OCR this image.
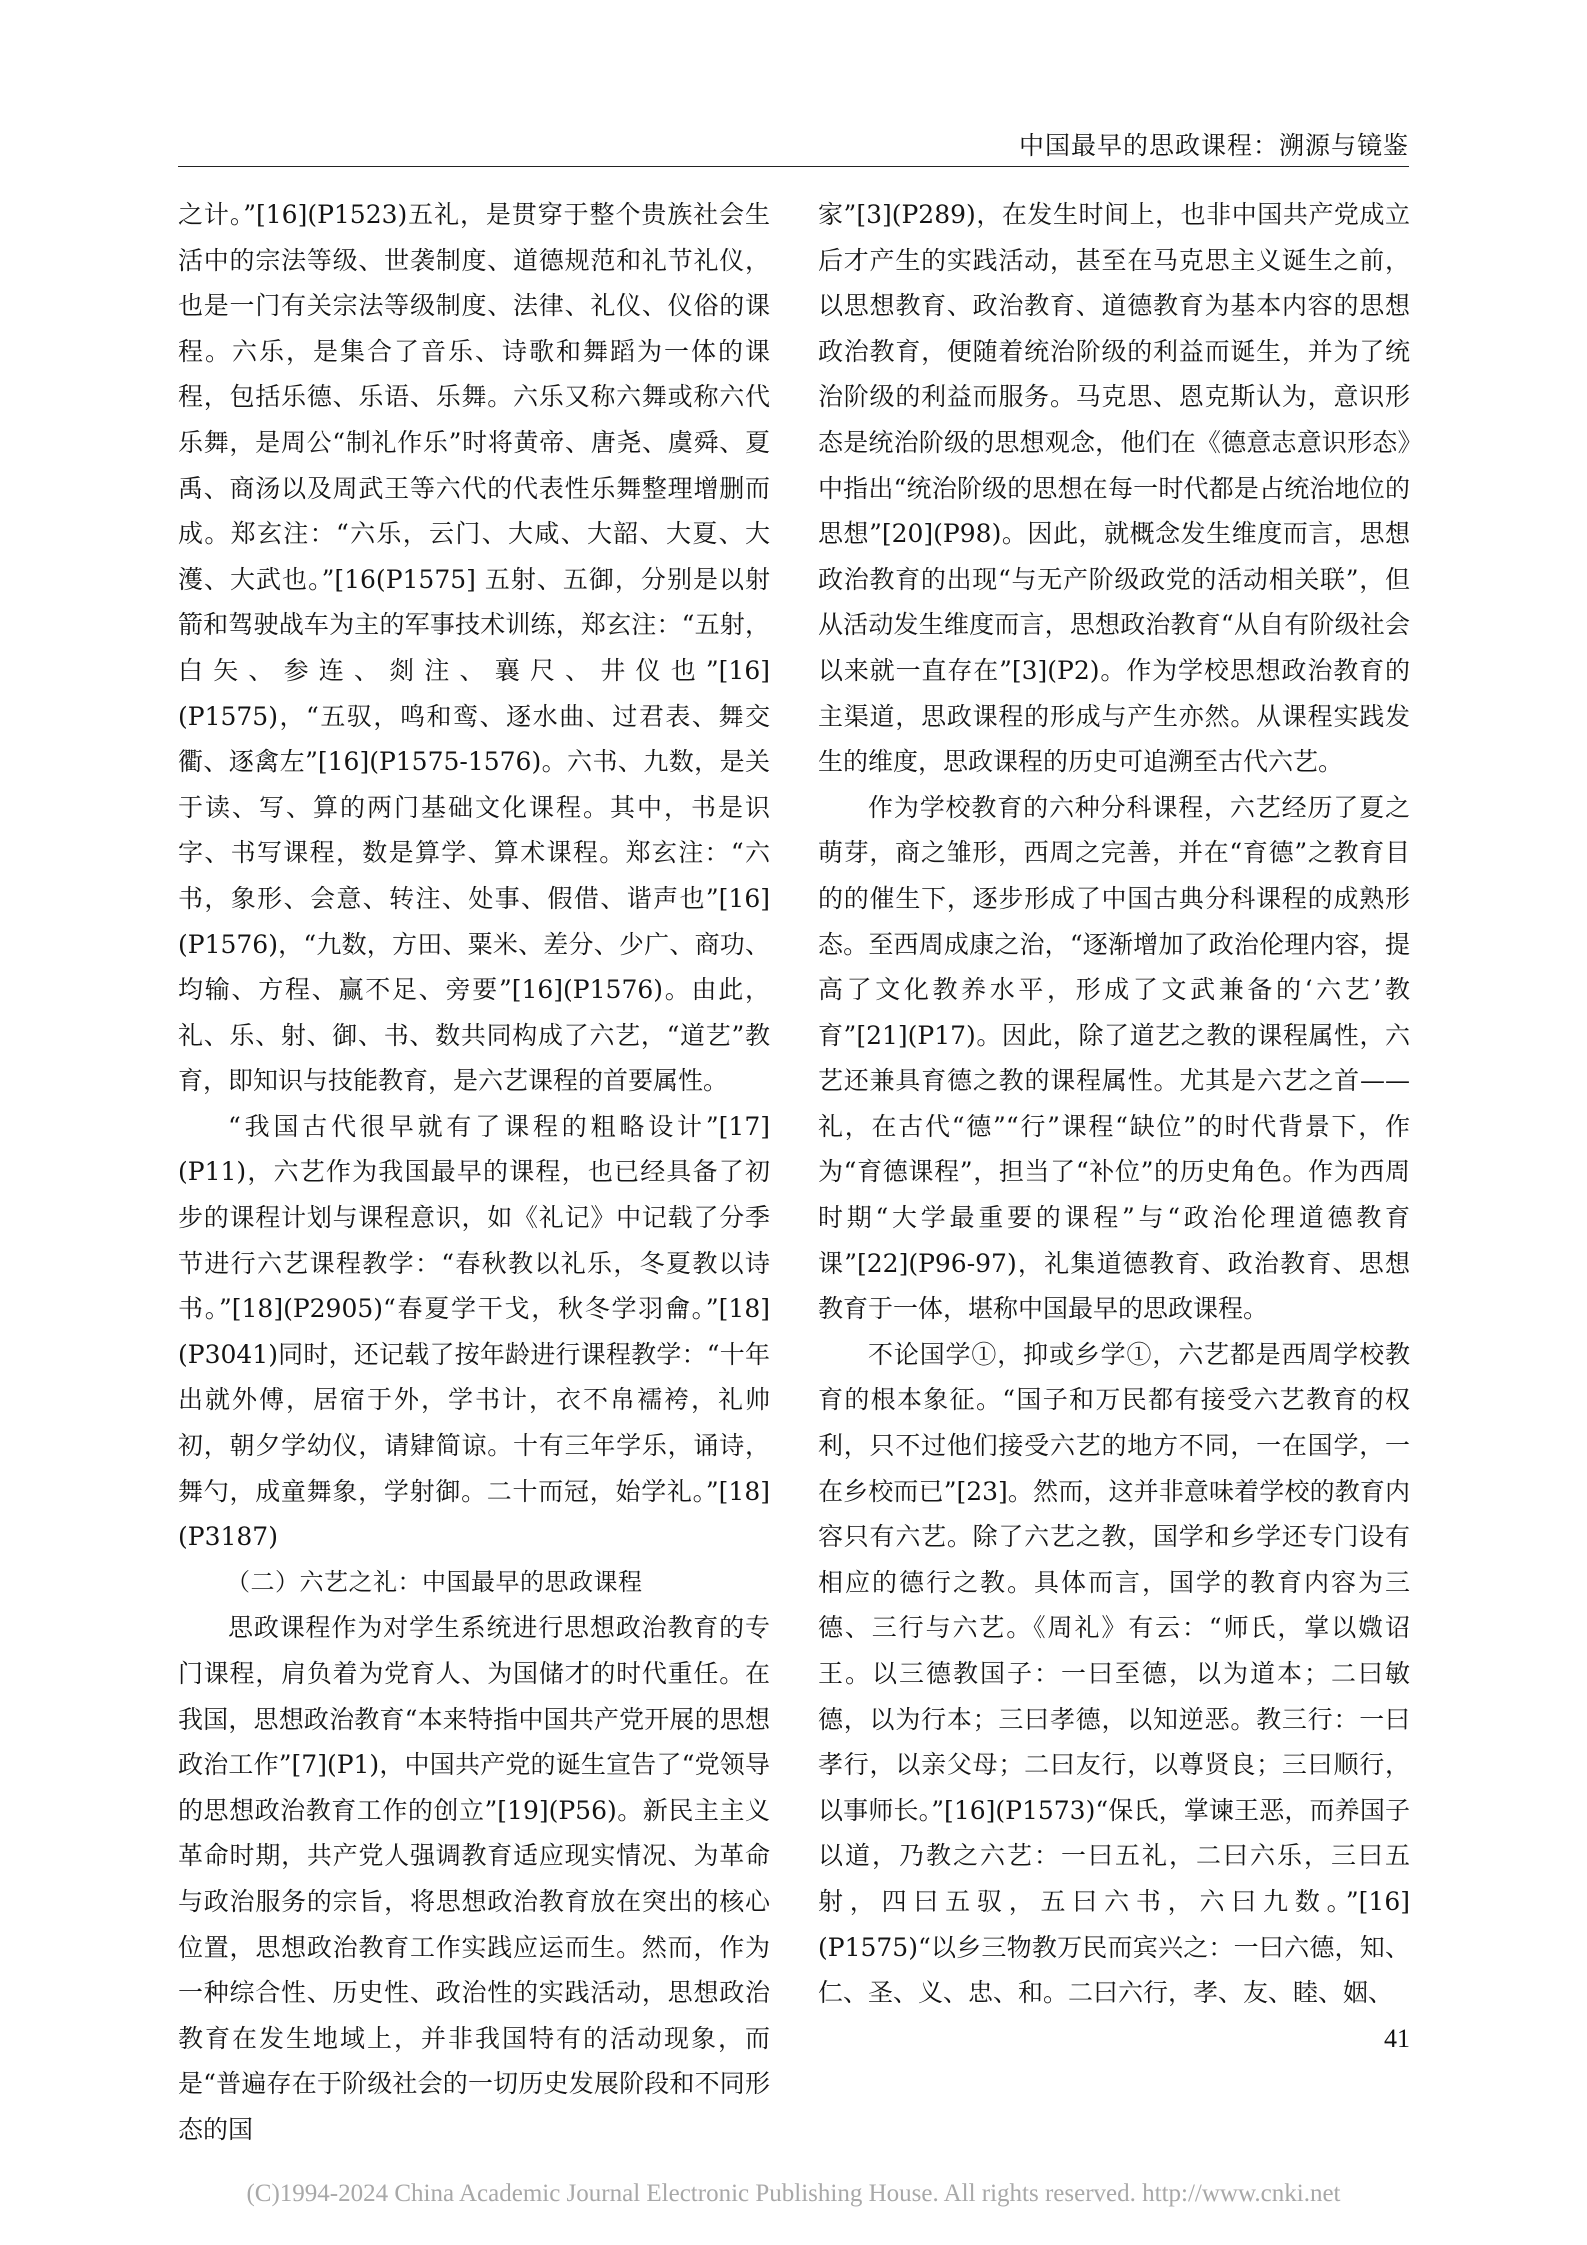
中国最早的思政课程：溯源与镜鉴

之计。”[16](P1523)五礼，是贯穿于整个贵族社会生活中的宗法等级、世袭制度、道德规范和礼节礼仪，也是一门有关宗法等级制度、法律、礼仪、仪俗的课程。六乐，是集合了音乐、诗歌和舞蹈为一体的课程，包括乐德、乐语、乐舞。六乐又称六舞或称六代乐舞，是周公“制礼作乐”时将黄帝、唐尧、虞舜、夏禹、商汤以及周武王等六代的代表性乐舞整理增删而成。郑玄注：“六乐，云门、大咸、大韶、大夏、大濩、大武也。”[16(P1575] 五射、五御，分别是以射箭和驾驶战车为主的军事技术训练，郑玄注：“五射，白矢、参连、剡注、襄尺、井仪也”[16](P1575)，“五驭，鸣和鸾、逐水曲、过君表、舞交衢、逐禽左”[16](P1575-1576)。六书、九数，是关于读、写、算的两门基础文化课程。其中，书是识字、书写课程，数是算学、算术课程。郑玄注：“六书，象形、会意、转注、处事、假借、谐声也”[16](P1576)，“九数，方田、粟米、差分、少广、商功、均输、方程、赢不足、旁要”[16](P1576)。由此，礼、乐、射、御、书、数共同构成了六艺，“道艺”教育，即知识与技能教育，是六艺课程的首要属性。

“我国古代很早就有了课程的粗略设计”[17](P11)，六艺作为我国最早的课程，也已经具备了初步的课程计划与课程意识，如《礼记》中记载了分季节进行六艺课程教学：“春秋教以礼乐，冬夏教以诗书。”[18](P2905)“春夏学干戈，秋冬学羽龠。”[18](P3041)同时，还记载了按年龄进行课程教学：“十年出就外傅，居宿于外，学书计，衣不帛襦袴，礼帅初，朝夕学幼仪，请肄简谅。十有三年学乐，诵诗，舞勺，成童舞象，学射御。二十而冠，始学礼。”[18](P3187)

（二）六艺之礼：中国最早的思政课程

思政课程作为对学生系统进行思想政治教育的专门课程，肩负着为党育人、为国储才的时代重任。在我国，思想政治教育“本来特指中国共产党开展的思想政治工作”[7](P1)，中国共产党的诞生宣告了“党领导的思想政治教育工作的创立”[19](P56)。新民主主义革命时期，共产党人强调教育适应现实情况、为革命与政治服务的宗旨，将思想政治教育放在突出的核心位置，思想政治教育工作实践应运而生。然而，作为一种综合性、历史性、政治性的实践活动，思想政治教育在发生地域上，并非我国特有的活动现象，而是“普遍存在于阶级社会的一切历史发展阶段和不同形态的国

家”[3](P289)，在发生时间上，也非中国共产党成立后才产生的实践活动，甚至在马克思主义诞生之前，以思想教育、政治教育、道德教育为基本内容的思想政治教育，便随着统治阶级的利益而诞生，并为了统治阶级的利益而服务。马克思、恩克斯认为，意识形态是统治阶级的思想观念，他们在《德意志意识形态》中指出“统治阶级的思想在每一时代都是占统治地位的思想”[20](P98)。因此，就概念发生维度而言，思想政治教育的出现“与无产阶级政党的活动相关联”，但从活动发生维度而言，思想政治教育“从自有阶级社会以来就一直存在”[3](P2)。作为学校思想政治教育的主渠道，思政课程的形成与产生亦然。从课程实践发生的维度，思政课程的历史可追溯至古代六艺。

作为学校教育的六种分科课程，六艺经历了夏之萌芽，商之雏形，西周之完善，并在“育德”之教育目的的催生下，逐步形成了中国古典分科课程的成熟形态。至西周成康之治，“逐渐增加了政治伦理内容，提高了文化教养水平，形成了文武兼备的‘六艺’教育”[21](P17)。因此，除了道艺之教的课程属性，六艺还兼具育德之教的课程属性。尤其是六艺之首——礼，在古代“德”“行”课程“缺位”的时代背景下，作为“育德课程”，担当了“补位”的历史角色。作为西周时期“大学最重要的课程”与“政治伦理道德教育课”[22](P96-97)，礼集道德教育、政治教育、思想教育于一体，堪称中国最早的思政课程。

不论国学①，抑或乡学①，六艺都是西周学校教育的根本象征。“国子和万民都有接受六艺教育的权利，只不过他们接受六艺的地方不同，一在国学，一在乡校而已”[23]。然而，这并非意味着学校的教育内容只有六艺。除了六艺之教，国学和乡学还专门设有相应的德行之教。具体而言，国学的教育内容为三德、三行与六艺。《周礼》有云：“师氏，掌以媺诏王。以三德教国子：一曰至德，以为道本；二曰敏德，以为行本；三曰孝德，以知逆恶。教三行：一曰孝行，以亲父母；二曰友行，以尊贤良；三曰顺行，以事师长。”[16](P1573)“保氏，掌谏王恶，而养国子以道，乃教之六艺：一曰五礼，二曰六乐，三曰五射，四曰五驭，五曰六书，六曰九数。”[16](P1575)“以乡三物教万民而宾兴之：一曰六德，知、仁、圣、义、忠、和。二曰六行，孝、友、睦、姻、

41
(C)1994-2024 China Academic Journal Electronic Publishing House. All rights reserved. http://www.cnki.net
